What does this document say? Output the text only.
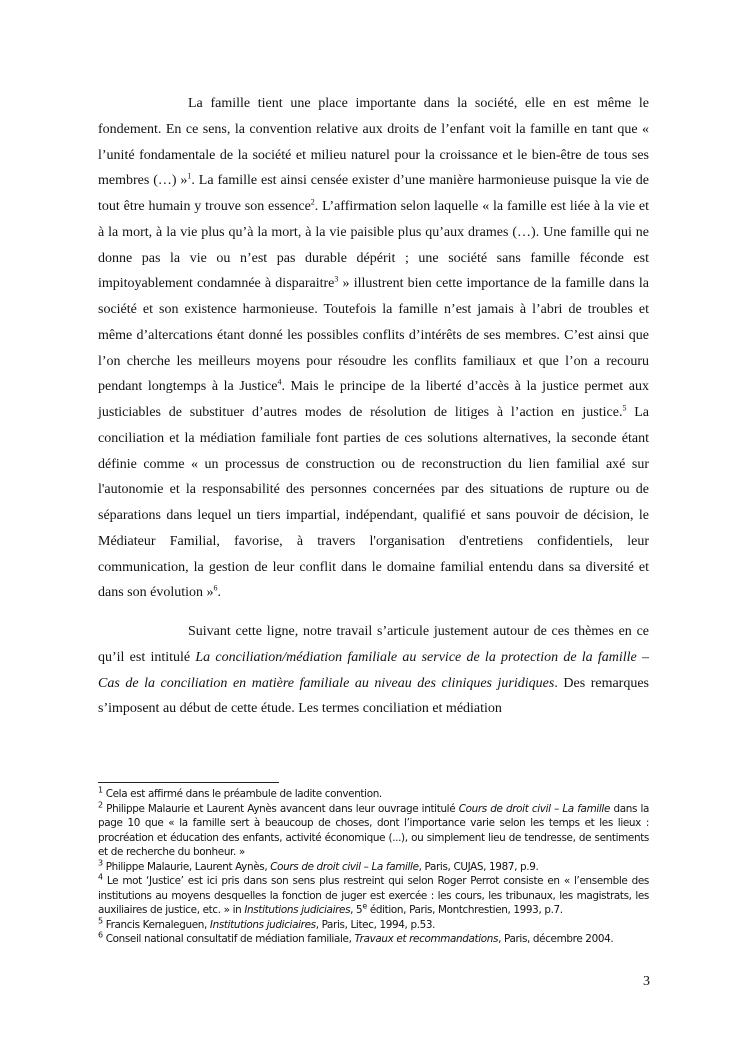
La famille tient une place importante dans la société, elle en est même le fondement. En ce sens, la convention relative aux droits de l’enfant voit la famille en tant que « l’unité fondamentale de la société et milieu naturel pour la croissance et le bien-être de tous ses membres (…) »$^1$. La famille est ainsi censée exister d’une manière harmonieuse puisque la vie de tout être humain y trouve son essence$^2$. L’affirmation selon laquelle « la famille est liée à la vie et à la mort, à la vie plus qu’à la mort, à la vie paisible plus qu’aux drames (…). Une famille qui ne donne pas la vie ou n’est pas durable dépérit ; une société sans famille féconde est impitoyablement condamnée à disparaitre$^3$ » illustrent bien cette importance de la famille dans la société et son existence harmonieuse. Toutefois la famille n’est jamais à l’abri de troubles et même d’altercations étant donné les possibles conflits d’intérêts de ses membres. C’est ainsi que l’on cherche les meilleurs moyens pour résoudre les conflits familiaux et que l’on a recouru pendant longtemps à la Justice$^4$. Mais le principe de la liberté d’accès à la justice permet aux justiciables de substituer d’autres modes de résolution de litiges à l’action en justice.$^5$ La conciliation et la médiation familiale font parties de ces solutions alternatives, la seconde étant définie comme « un processus de construction ou de reconstruction du lien familial axé sur l'autonomie et la responsabilité des personnes concernées par des situations de rupture ou de séparations dans lequel un tiers impartial, indépendant, qualifié et sans pouvoir de décision, le Médiateur Familial, favorise, à travers l'organisation d'entretiens confidentiels, leur communication, la gestion de leur conflit dans le domaine familial entendu dans sa diversité et dans son évolution »$^6$.

Suivant cette ligne, notre travail s’articule justement autour de ces thèmes en ce qu’il est intitulé La conciliation/médiation familiale au service de la protection de la famille – Cas de la conciliation en matière familiale au niveau des cliniques juridiques. Des remarques s’imposent au début de cette étude. Les termes conciliation et médiation

$^1$ Cela est affirmé dans le préambule de ladite convention.

$^2$ Philippe Malaurie et Laurent Aynès avancent dans leur ouvrage intitulé Cours de droit civil – La famille dans la page 10 que « la famille sert à beaucoup de choses, dont l’importance varie selon les temps et les lieux : procréation et éducation des enfants, activité économique (...), ou simplement lieu de tendresse, de sentiments et de recherche du bonheur. »

$^3$ Philippe Malaurie, Laurent Aynès, Cours de droit civil – La famille, Paris, CUJAS, 1987, p.9.

$^4$ Le mot ‘Justice’ est ici pris dans son sens plus restreint qui selon Roger Perrot consiste en « l’ensemble des institutions au moyens desquelles la fonction de juger est exercée : les cours, les tribunaux, les magistrats, les auxiliaires de justice, etc. » in Institutions judiciaires, 5e édition, Paris, Montchrestien, 1993, p.7.

$^5$ Francis Kernaleguen, Institutions judiciaires, Paris, Litec, 1994, p.53.

$^6$ Conseil national consultatif de médiation familiale, Travaux et recommandations, Paris, décembre 2004.

3
